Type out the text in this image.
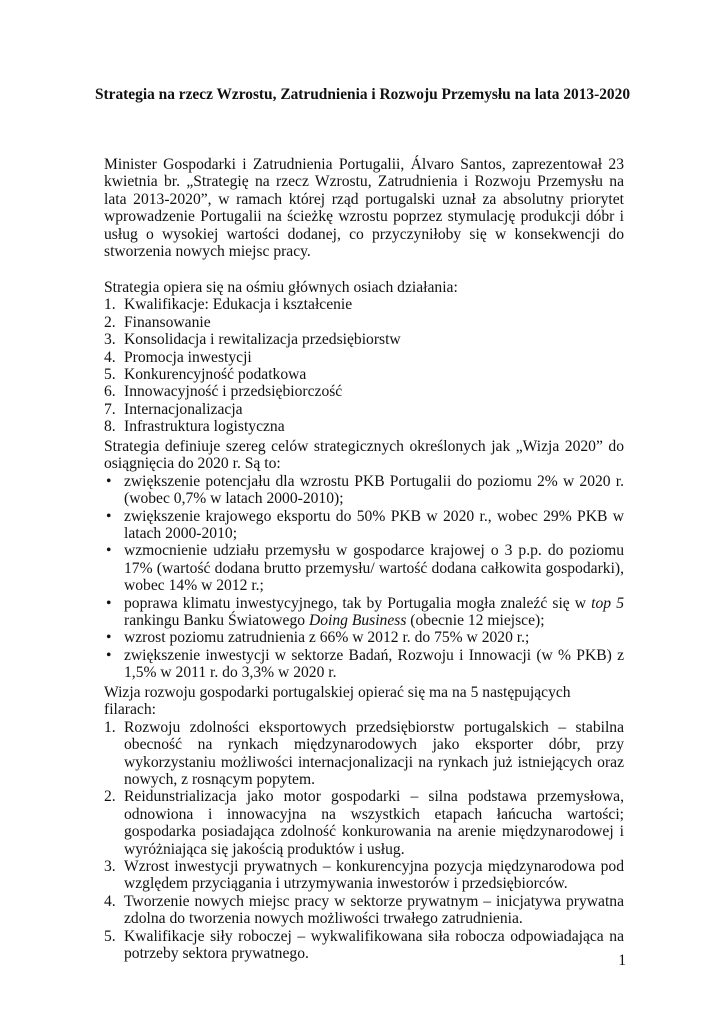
Strategia na rzecz Wzrostu, Zatrudnienia i Rozwoju Przemysłu na lata 2013-2020

Minister Gospodarki i Zatrudnienia Portugalii, Álvaro Santos, zaprezentował 23 kwietnia br. „Strategię na rzecz Wzrostu, Zatrudnienia i Rozwoju Przemysłu na lata 2013-2020”, w ramach której rząd portugalski uznał za absolutny priorytet wprowadzenie Portugalii na ścieżkę wzrostu poprzez stymulację produkcji dóbr i usług o wysokiej wartości dodanej, co przyczyniłoby się w konsekwencji do stworzenia nowych miejsc pracy.

Strategia opiera się na ośmiu głównych osiach działania:
1. Kwalifikacje: Edukacja i kształcenie
2. Finansowanie
3. Konsolidacja i rewitalizacja przedsiębiorstw
4. Promocja inwestycji
5. Konkurencyjność podatkowa
6. Innowacyjność i przedsiębiorczość
7. Internacjonalizacja
8. Infrastruktura logistyczna

Strategia definiuje szereg celów strategicznych określonych jak „Wizja 2020” do osiągnięcia do 2020 r. Są to:

• zwiększenie potencjału dla wzrostu PKB Portugalii do poziomu 2% w 2020 r. (wobec 0,7% w latach 2000-2010);
• zwiększenie krajowego eksportu do 50% PKB w 2020 r., wobec 29% PKB w latach 2000-2010;
• wzmocnienie udziału przemysłu w gospodarce krajowej o 3 p.p. do poziomu 17% (wartość dodana brutto przemysłu/ wartość dodana całkowita gospodarki), wobec 14% w 2012 r.;
• poprawa klimatu inwestycyjnego, tak by Portugalia mogła znaleźć się w top 5 rankingu Banku Światowego Doing Business (obecnie 12 miejsce);
• wzrost poziomu zatrudnienia z 66% w 2012 r. do 75% w 2020 r.;
• zwiększenie inwestycji w sektorze Badań, Rozwoju i Innowacji (w % PKB) z 1,5% w 2011 r. do 3,3% w 2020 r.
Wizja rozwoju gospodarki portugalskiej opierać się ma na 5 następujących filarach:
1. Rozwoju zdolności eksportowych przedsiębiorstw portugalskich – stabilna obecność na rynkach międzynarodowych jako eksporter dóbr, przy wykorzystaniu możliwości internacjonalizacji na rynkach już istniejących oraz nowych, z rosnącym popytem.
2. Reidunstrializacja jako motor gospodarki – silna podstawa przemysłowa, odnowiona i innowacyjna na wszystkich etapach łańcucha wartości; gospodarka posiadająca zdolność konkurowania na arenie międzynarodowej i wyróżniająca się jakością produktów i usług.
3. Wzrost inwestycji prywatnych – konkurencyjna pozycja międzynarodowa pod względem przyciągania i utrzymywania inwestorów i przedsiębiorców.
4. Tworzenie nowych miejsc pracy w sektorze prywatnym – inicjatywa prywatna zdolna do tworzenia nowych możliwości trwałego zatrudnienia.
5. Kwalifikacje siły roboczej – wykwalifikowana siła robocza odpowiadająca na potrzeby sektora prywatnego.	1
